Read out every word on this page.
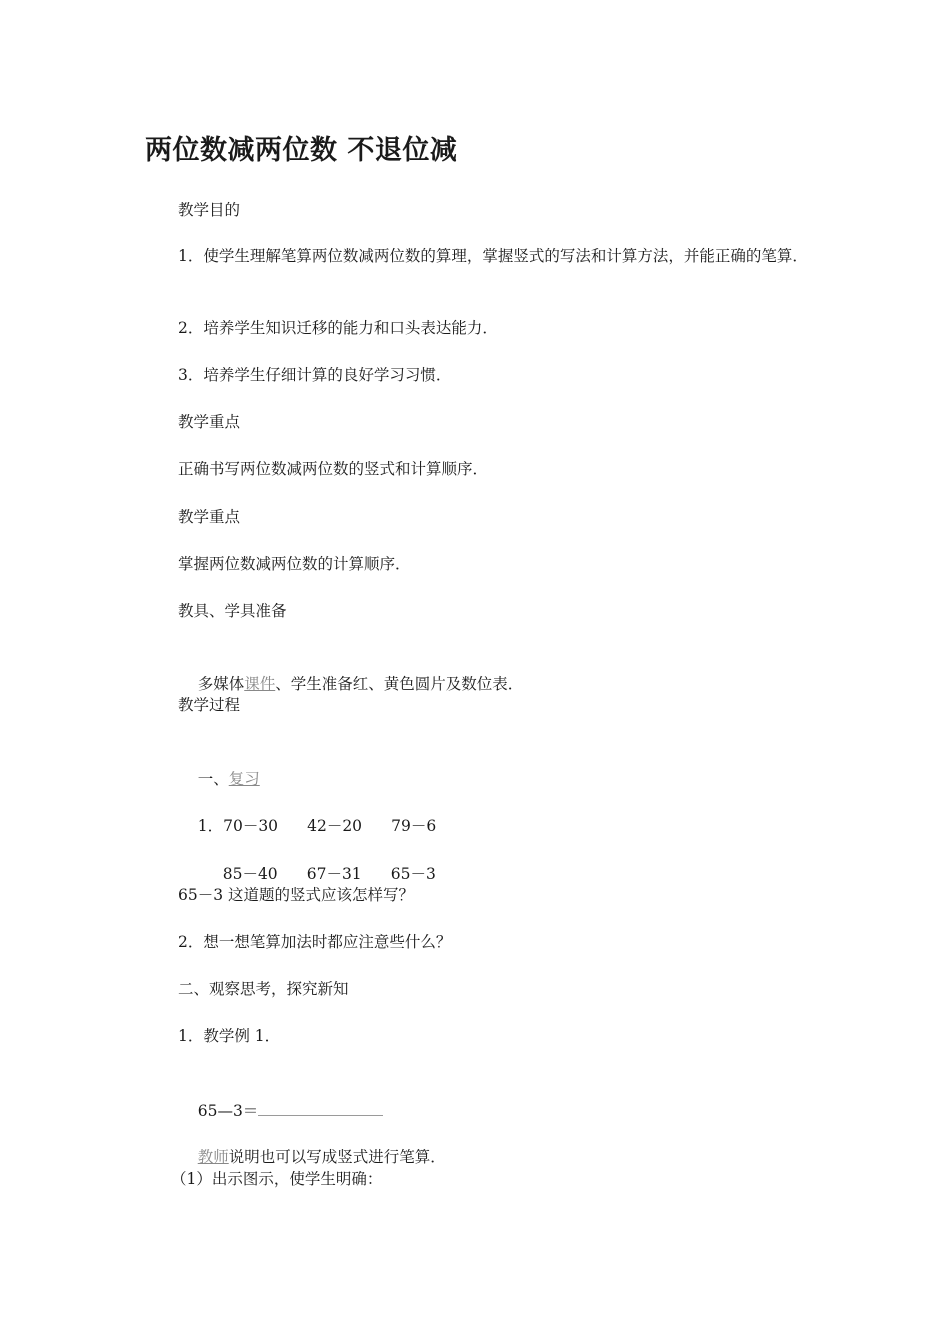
两位数减两位数 不退位减
教学目的
1．使学生理解笔算两位数减两位数的算理，掌握竖式的写法和计算方法，并能正确的笔算．
2．培养学生知识迁移的能力和口头表达能力．
3．培养学生仔细计算的良好学习习惯．
教学重点
正确书写两位数减两位数的竖式和计算顺序．
教学重点
掌握两位数减两位数的计算顺序．
教具、学具准备

多媒体课件、学生准备红、黄色圆片及数位表．

教学过程

一、复习

1．70－30 42－20 79－6

85－40 67－31 65－3

65－3 这道题的竖式应该怎样写？
2．想一想笔算加法时都应注意些什么？
二、观察思考，探究新知
1．教学例 1．

65—3＝

教师说明也可以写成竖式进行笔算．

（1）出示图示，使学生明确：
